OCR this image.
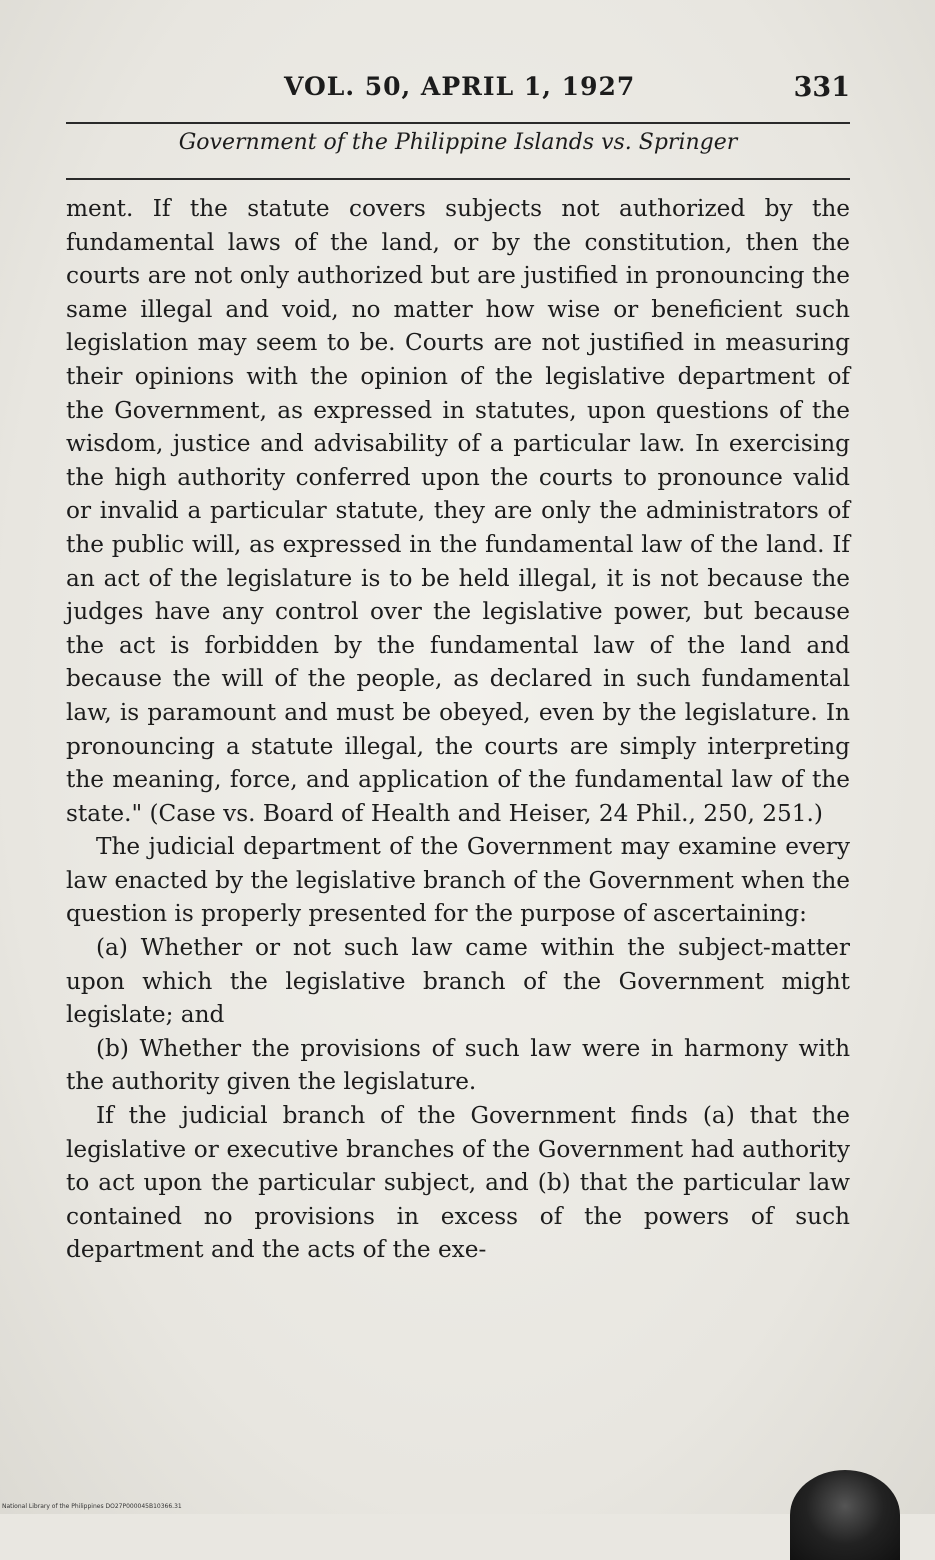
VOL. 50, APRIL 1, 1927	331
Government of the Philippine Islands vs. Springer

ment. If the statute covers subjects not authorized by the fundamental laws of the land, or by the constitution, then the courts are not only authorized but are justified in pronouncing the same illegal and void, no matter how wise or beneficient such legislation may seem to be. Courts are not justified in measuring their opinions with the opinion of the legislative department of the Government, as expressed in statutes, upon questions of the wisdom, justice and advisability of a particular law. In exercising the high authority conferred upon the courts to pronounce valid or invalid a particular statute, they are only the administrators of the public will, as expressed in the fundamental law of the land. If an act of the legislature is to be held illegal, it is not because the judges have any control over the legislative power, but because the act is forbidden by the fundamental law of the land and because the will of the people, as declared in such fundamental law, is paramount and must be obeyed, even by the legislature. In pronouncing a statute illegal, the courts are simply interpreting the meaning, force, and application of the fundamental law of the state." (Case vs. Board of Health and Heiser, 24 Phil., 250, 251.)

The judicial department of the Government may examine every law enacted by the legislative branch of the Government when the question is properly presented for the purpose of ascertaining:

(a) Whether or not such law came within the subject-matter upon which the legislative branch of the Government might legislate; and

(b) Whether the provisions of such law were in harmony with the authority given the legislature.

If the judicial branch of the Government finds (a) that the legislative or executive branches of the Government had authority to act upon the particular subject, and (b) that the particular law contained no provisions in excess of the powers of such department and the acts of the exe-

National Library of the Philippines DO27P000045B10366.31
